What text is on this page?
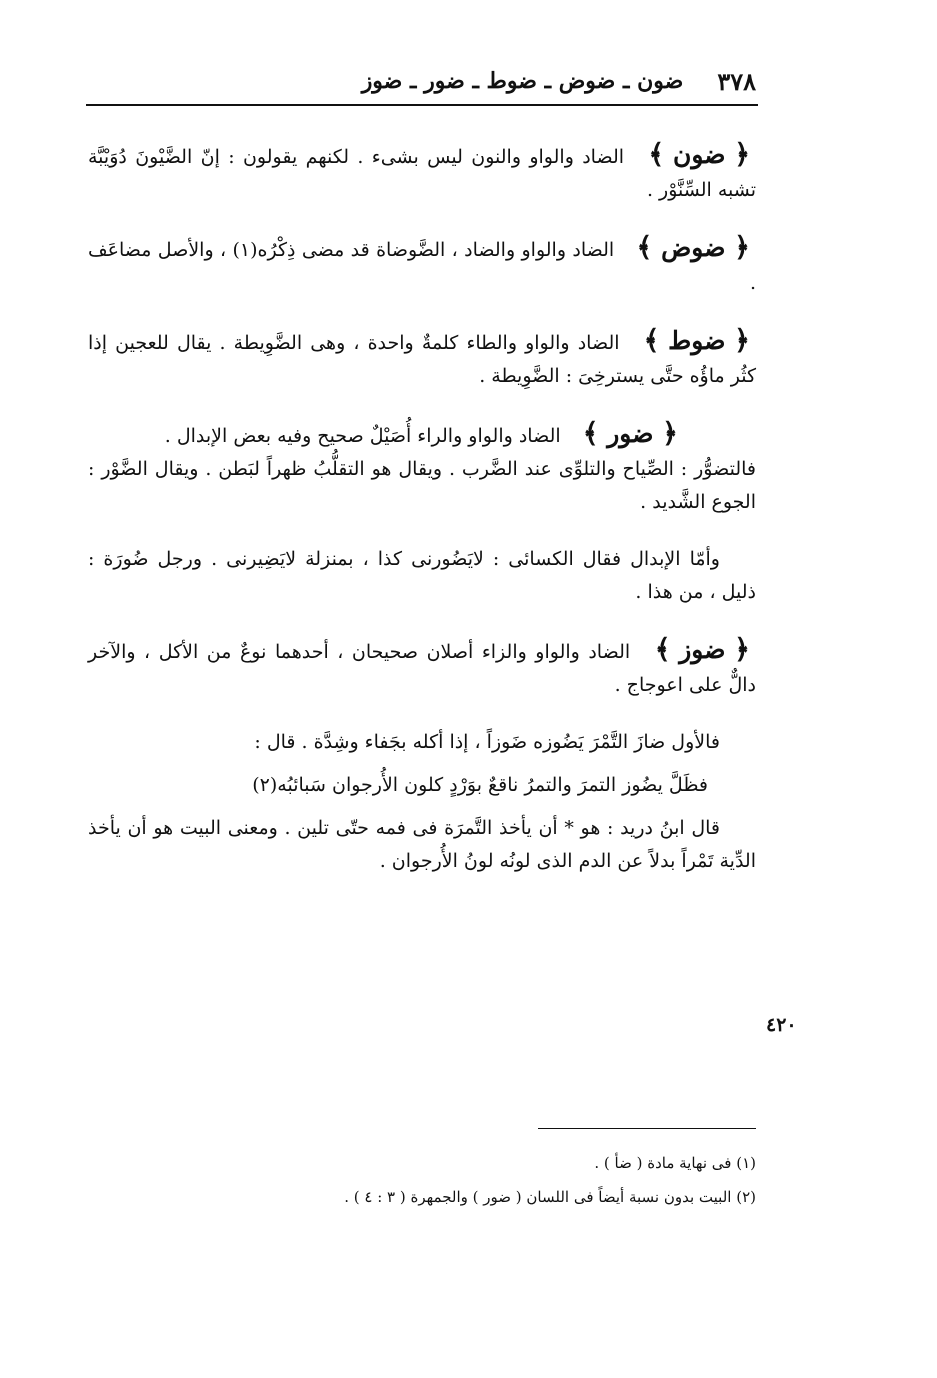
٣٧٨
ضون ـ ضوض ـ ضوط ـ ضور ـ ضوز

﴿ ضون ﴾ الضاد والواو والنون ليس بشىء . لكنهم يقولون : إنّ الضَّيْونَ دُوَيْبَّة تشبه السِّنَّوْر .

﴿ ضوض ﴾ الضاد والواو والضاد ، الضَّوضاة قد مضى ذِكْرُه(١) ، والأصل مضاعَف .

﴿ ضوط ﴾ الضاد والواو والطاء كلمةٌ واحدة ، وهى الضَّوِيطة . يقال للعجين إذا كثُر ماؤُه حتَّى يسترخِىَ : الضَّوِيطة .

﴿ ضور ﴾ الضاد والواو والراء أُصَيْلٌ صحيح وفيه بعض الإبدال .

فالتضوُّر : الصِّياح والتلوِّى عند الضَّرب . ويقال هو التقلُّبُ ظهراً لبَطن . ويقال الضَّوْر : الجوع الشَّديد .

وأمّا الإبدال فقال الكسائى : لايَضُورنى كذا ، بمنزلة لايَضِيرنى . ورجل ضُورَة : ذليل ، من هذا .

﴿ ضوز ﴾ الضاد والواو والزاء أصلان صحيحان ، أحدهما نوعٌ من الأكل ، والآخر دالٌّ على اعوجاج .

فالأول ضازَ التَّمْرَ يَضُوزه ضَوزاً ، إذا أكله بجَفاء وشِدَّة . قال :

فظَلَّ يضُوز التمرَ والتمرُ ناقعٌ بوَرْدٍ كلون الأُرجوان سَبائبُه(٢)

قال ابنُ دريد : هو * أن يأخذ التَّمرَة فى فمه حتّى تلين . ومعنى البيت هو أن يأخذ الدِّية تَمْراً بدلاً عن الدم الذى لونُه لونُ الأُرجوان .

٤٢٠

(١) فى نهاية مادة ( ضأ ) .

(٢) البيت بدون نسبة أيضاً فى اللسان ( ضور ) والجمهرة ( ٣ : ٤ ) .
